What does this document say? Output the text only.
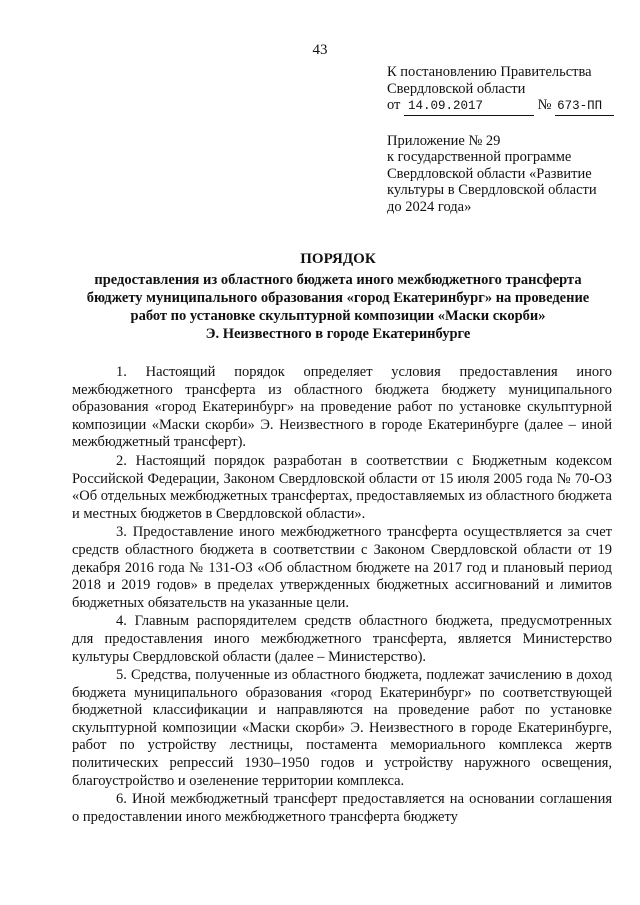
43
К постановлению Правительства
Свердловской области
от 14.09.2017	№ 673-ПП
Приложение № 29
к государственной программе
Свердловской области «Развитие
культуры в Свердловской области
до 2024 года»
ПОРЯДОК
предоставления из областного бюджета иного межбюджетного трансферта
бюджету муниципального образования «город Екатеринбург» на проведение
работ по установке скульптурной композиции «Маски скорби»
Э. Неизвестного в городе Екатеринбурге

1. Настоящий порядок определяет условия предоставления иного межбюджетного трансферта из областного бюджета бюджету муниципального образования «город Екатеринбург» на проведение работ по установке скульптурной композиции «Маски скорби» Э. Неизвестного в городе Екатеринбурге (далее – иной межбюджетный трансферт).

2. Настоящий порядок разработан в соответствии с Бюджетным кодексом Российской Федерации, Законом Свердловской области от 15 июля 2005 года № 70-ОЗ «Об отдельных межбюджетных трансфертах, предоставляемых из областного бюджета и местных бюджетов в Свердловской области».

3. Предоставление иного межбюджетного трансферта осуществляется за счет средств областного бюджета в соответствии с Законом Свердловской области от 19 декабря 2016 года № 131-ОЗ «Об областном бюджете на 2017 год и плановый период 2018 и 2019 годов» в пределах утвержденных бюджетных ассигнований и лимитов бюджетных обязательств на указанные цели.

4. Главным распорядителем средств областного бюджета, предусмотренных для предоставления иного межбюджетного трансферта, является Министерство культуры Свердловской области (далее – Министерство).

5. Средства, полученные из областного бюджета, подлежат зачислению в доход бюджета муниципального образования «город Екатеринбург» по соответствующей бюджетной классификации и направляются на проведение работ по установке скульптурной композиции «Маски скорби» Э. Неизвестного в городе Екатеринбурге, работ по устройству лестницы, постамента мемориального комплекса жертв политических репрессий 1930–1950 годов и устройству наружного освещения, благоустройство и озеленение территории комплекса.

6. Иной межбюджетный трансферт предоставляется на основании соглашения о предоставлении иного межбюджетного трансферта бюджету
